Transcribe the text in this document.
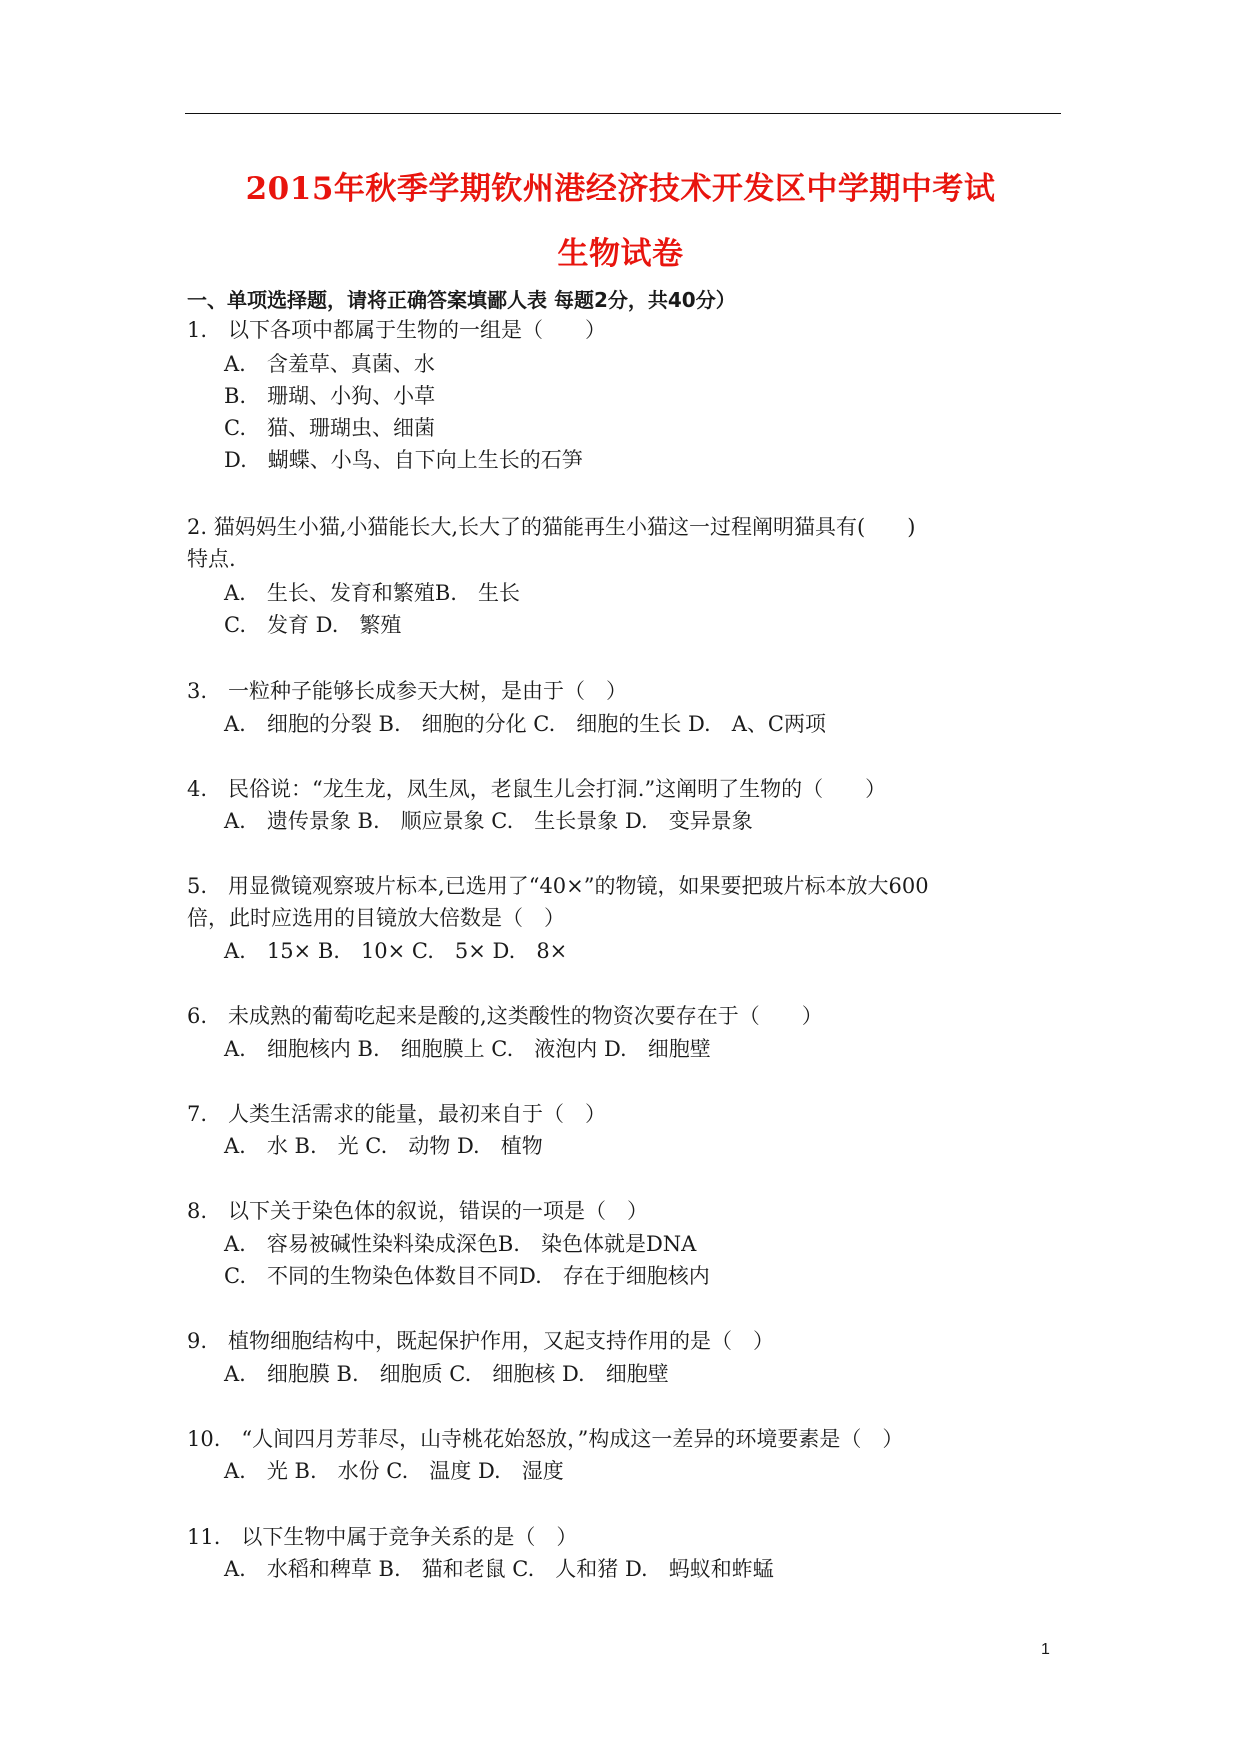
2015年秋季学期钦州港经济技术开发区中学期中考试
生物试卷
一、单项选择题，请将正确答案填鄙人表 每题2分，共40分）
1.　以下各项中都属于生物的一组是（　　）
A.　含羞草、真菌、水
B.　珊瑚、小狗、小草
C.　猫、珊瑚虫、细菌
D.　蝴蝶、小鸟、自下向上生长的石笋
2. 猫妈妈生小猫,小猫能长大,长大了的猫能再生小猫这一过程阐明猫具有(　　)
特点.
A.　生长、发育和繁殖B.　生长
C.　发育 D.　繁殖
3.　一粒种子能够长成参天大树，是由于（　）
A.　细胞的分裂 B.　细胞的分化 C.　细胞的生长 D.　A、C两项
4.　民俗说：“龙生龙，凤生凤，老鼠生儿会打洞.”这阐明了生物的（　　）
A.　遗传景象 B.　顺应景象 C.　生长景象 D.　变异景象
5.　用显微镜观察玻片标本,已选用了“40×”的物镜，如果要把玻片标本放大600
倍，此时应选用的目镜放大倍数是（　）
A.　15× B.　10× C.　5× D.　8×
6.　未成熟的葡萄吃起来是酸的,这类酸性的物资次要存在于（　　）
A.　细胞核内 B.　细胞膜上 C.　液泡内 D.　细胞壁
7.　人类生活需求的能量，最初来自于（　）
A.　水 B.　光 C.　动物 D.　植物
8.　以下关于染色体的叙说，错误的一项是（　）
A.　容易被碱性染料染成深色B.　染色体就是DNA
C.　不同的生物染色体数目不同D.　存在于细胞核内
9.　植物细胞结构中，既起保护作用，又起支持作用的是（　）
A.　细胞膜 B.　细胞质 C.　细胞核 D.　细胞壁
10.　“人间四月芳菲尽，山寺桃花始怒放，”构成这一差异的环境要素是（　）
A.　光 B.　水份 C.　温度 D.　湿度
11.　以下生物中属于竞争关系的是（　）
A.　水稻和稗草 B.　猫和老鼠 C.　人和猪 D.　蚂蚁和蚱蜢
1
